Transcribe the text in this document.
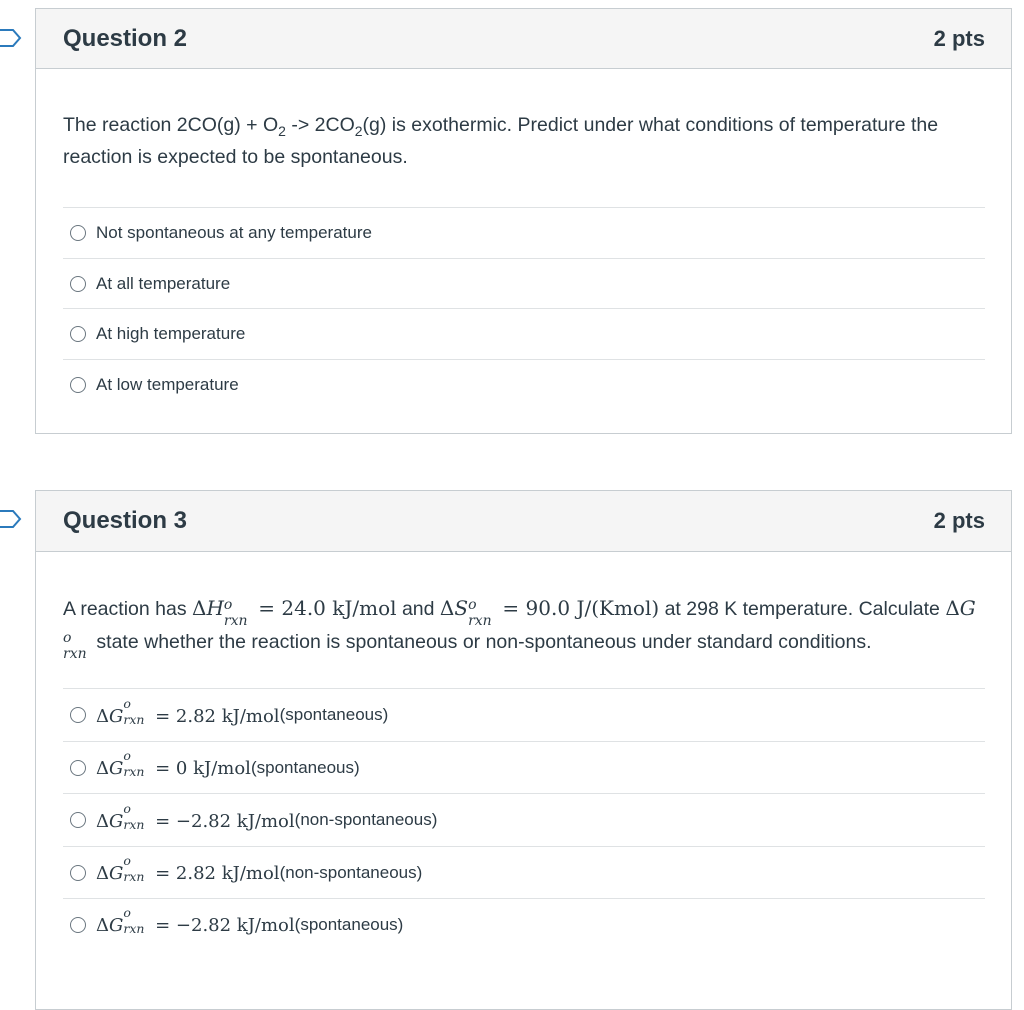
Question 2	2 pts
The reaction $2CO(g) + O_2 -> 2CO_2(g)$ is exothermic. Predict under what conditions of temperature the reaction is expected to be spontaneous.
Not spontaneous at any temperature
At all temperature
At high temperature
At low temperature
Question 3	2 pts
A reaction has ΔH o
rxn
= 24.0 kJ/mol and ΔS o
rxn
= 90.0 J/(Kmol) at 298 K temperature. Calculate ΔG
o
rxn
state whether the reaction is spontaneous or non-spontaneous under standard conditions.
ΔG
o
rxn = 2.82 kJ/mol (spontaneous)
ΔG
o
rxn = 0 kJ/mol (spontaneous)
ΔG
o
rxn = −2.82 kJ/mol (non-spontaneous)
ΔG
o
rxn = 2.82 kJ/mol (non-spontaneous)
ΔG
o
rxn = −2.82 kJ/mol (spontaneous)
